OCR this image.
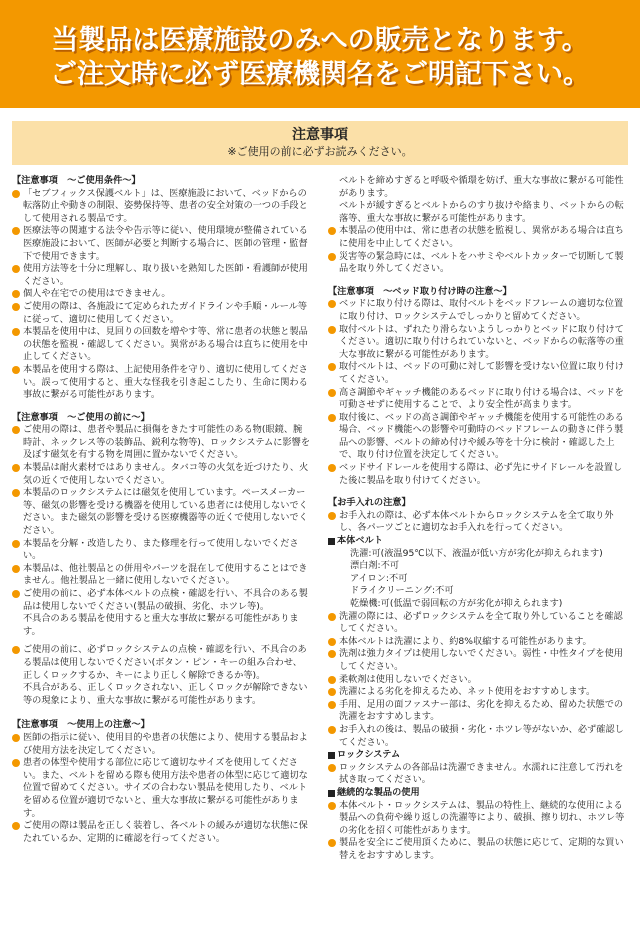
当製品は医療施設のみへの販売となります。
ご注文時に必ず医療機関名をご明記下さい。
注意事項
※ご使用の前に必ずお読みください。
【注意事項　～ご使用条件～】
「セブフィックス保護ベルト」は、医療施設において、ベッドからの転落防止や動きの制限、姿勢保持等、患者の安全対策の一つの手段として使用される製品です。
医療法等の関連する法令や告示等に従い、使用環境が整備されている医療施設において、医師が必要と判断する場合に、医師の管理・監督下で使用できます。
使用方法等を十分に理解し、取り扱いを熟知した医師・看護師が使用ください。
個人や在宅での使用はできません。
ご使用の際は、各施設にて定められたガイドラインや手順・ルール等に従って、適切に使用してください。
本製品を使用中は、見回りの回数を増やす等、常に患者の状態と製品の状態を監視・確認してください。異常がある場合は直ちに使用を中止してください。
本製品を使用する際は、上記使用条件を守り、適切に使用してください。誤って使用すると、重大な怪我を引き起こしたり、生命に関わる事故に繋がる可能性があります。
【注意事項　～ご使用の前に～】
ご使用の際は、患者や製品に損傷をきたす可能性のある物(眼鏡、腕時計、ネックレス等の装飾品、鋭利な物等)、ロックシステムに影響を及ぼす磁気を有する物を周囲に置かないでください。
本製品は耐火素材ではありません。タバコ等の火気を近づけたり、火気の近くで使用しないでください。
本製品のロックシステムには磁気を使用しています。ペースメーカー等、磁気の影響を受ける機器を使用している患者には使用しないでください。また磁気の影響を受ける医療機器等の近くで使用しないでください。
本製品を分解・改造したり、また修理を行って使用しないでください。
本製品は、他社製品との併用やパーツを混在して使用することはできません。他社製品と一緒に使用しないでください。
ご使用の前に、必ず本体ベルトの点検・確認を行い、不具合のある製品は使用しないでください(製品の破損、劣化、ホツレ等)。
不具合のある製品を使用すると重大な事故に繋がる可能性があります。
ご使用の前に、必ずロックシステムの点検・確認を行い、不具合のある製品は使用しないでください(ボタン・ピン・キーの組み合わせ、正しくロックするか、キーにより正しく解除できるか等)。
不具合がある、正しくロックされない、正しくロックが解除できない等の現象により、重大な事故に繋がる可能性があります。
【注意事項　～使用上の注意～】
医師の指示に従い、使用目的や患者の状態により、使用する製品および使用方法を決定してください。
患者の体型や使用する部位に応じて適切なサイズを使用してください。また、ベルトを留める際も使用方法や患者の体型に応じて適切な位置で留めてください。サイズの合わない製品を使用したり、ベルトを留める位置が適切でないと、重大な事故に繋がる可能性があります。
ご使用の際は製品を正しく装着し、各ベルトの緩みが適切な状態に保たれているか、定期的に確認を行ってください。
ベルトを締めすぎると呼吸や循環を妨げ、重大な事故に繋がる可能性があります。
ベルトが緩すぎるとベルトからのすり抜けや絡まり、ベットからの転落等、重大な事故に繋がる可能性があります。
本製品の使用中は、常に患者の状態を監視し、異常がある場合は直ちに使用を中止してください。
災害等の緊急時には、ベルトをハサミやベルトカッターで切断して製品を取り外してください。
【注意事項　～ベッド取り付け時の注意～】
ベッドに取り付ける際は、取付ベルトをベッドフレームの適切な位置に取り付け、ロックシステムでしっかりと留めてください。
取付ベルトは、ずれたり滑らないようしっかりとベッドに取り付けてください。適切に取り付けられていないと、ベッドからの転落等の重大な事故に繋がる可能性があります。
取付ベルトは、ベッドの可動に対して影響を受けない位置に取り付けてください。
高さ調節やギャッチ機能のあるベッドに取り付ける場合は、ベッドを可動させずに使用することで、より安全性が高まります。
取付後に、ベッドの高さ調節やギャッチ機能を使用する可能性のある場合、ベッド機能への影響や可動時のベッドフレームの動きに伴う製品への影響、ベルトの締め付けや緩み等を十分に検討・確認した上で、取り付け位置を決定してください。
ベッドサイドレールを使用する際は、必ず先にサイドレールを設置した後に製品を取り付けてください。
【お手入れの注意】
お手入れの際は、必ず本体ベルトからロックシステムを全て取り外し、各パーツごとに適切なお手入れを行ってください。
本体ベルト
洗濯:可(液温95℃以下、液温が低い方が劣化が抑えられます)
漂白剤:不可
アイロン:不可
ドライクリーニング:不可
乾燥機:可(低温で弱回転の方が劣化が抑えられます)
洗濯の際には、必ずロックシステムを全て取り外していることを確認してください。
本体ベルトは洗濯により、約8%収縮する可能性があります。
洗剤は強力タイプは使用しないでください。弱性・中性タイプを使用してください。
柔軟剤は使用しないでください。
洗濯による劣化を抑えるため、ネット使用をおすすめします。
手用、足用の面ファスナー部は、劣化を抑えるため、留めた状態での洗濯をおすすめします。
お手入れの後は、製品の破損・劣化・ホツレ等がないか、必ず確認してください。
ロックシステム
ロックシステムの各部品は洗濯できません。水濡れに注意して汚れを拭き取ってください。
継続的な製品の使用
本体ベルト・ロックシステムは、製品の特性上、継続的な使用による製品への負荷や繰り返しの洗濯等により、破損、擦り切れ、ホツレ等の劣化を招く可能性があります。
製品を安全にご使用頂くために、製品の状態に応じて、定期的な買い替えをおすすめします。
